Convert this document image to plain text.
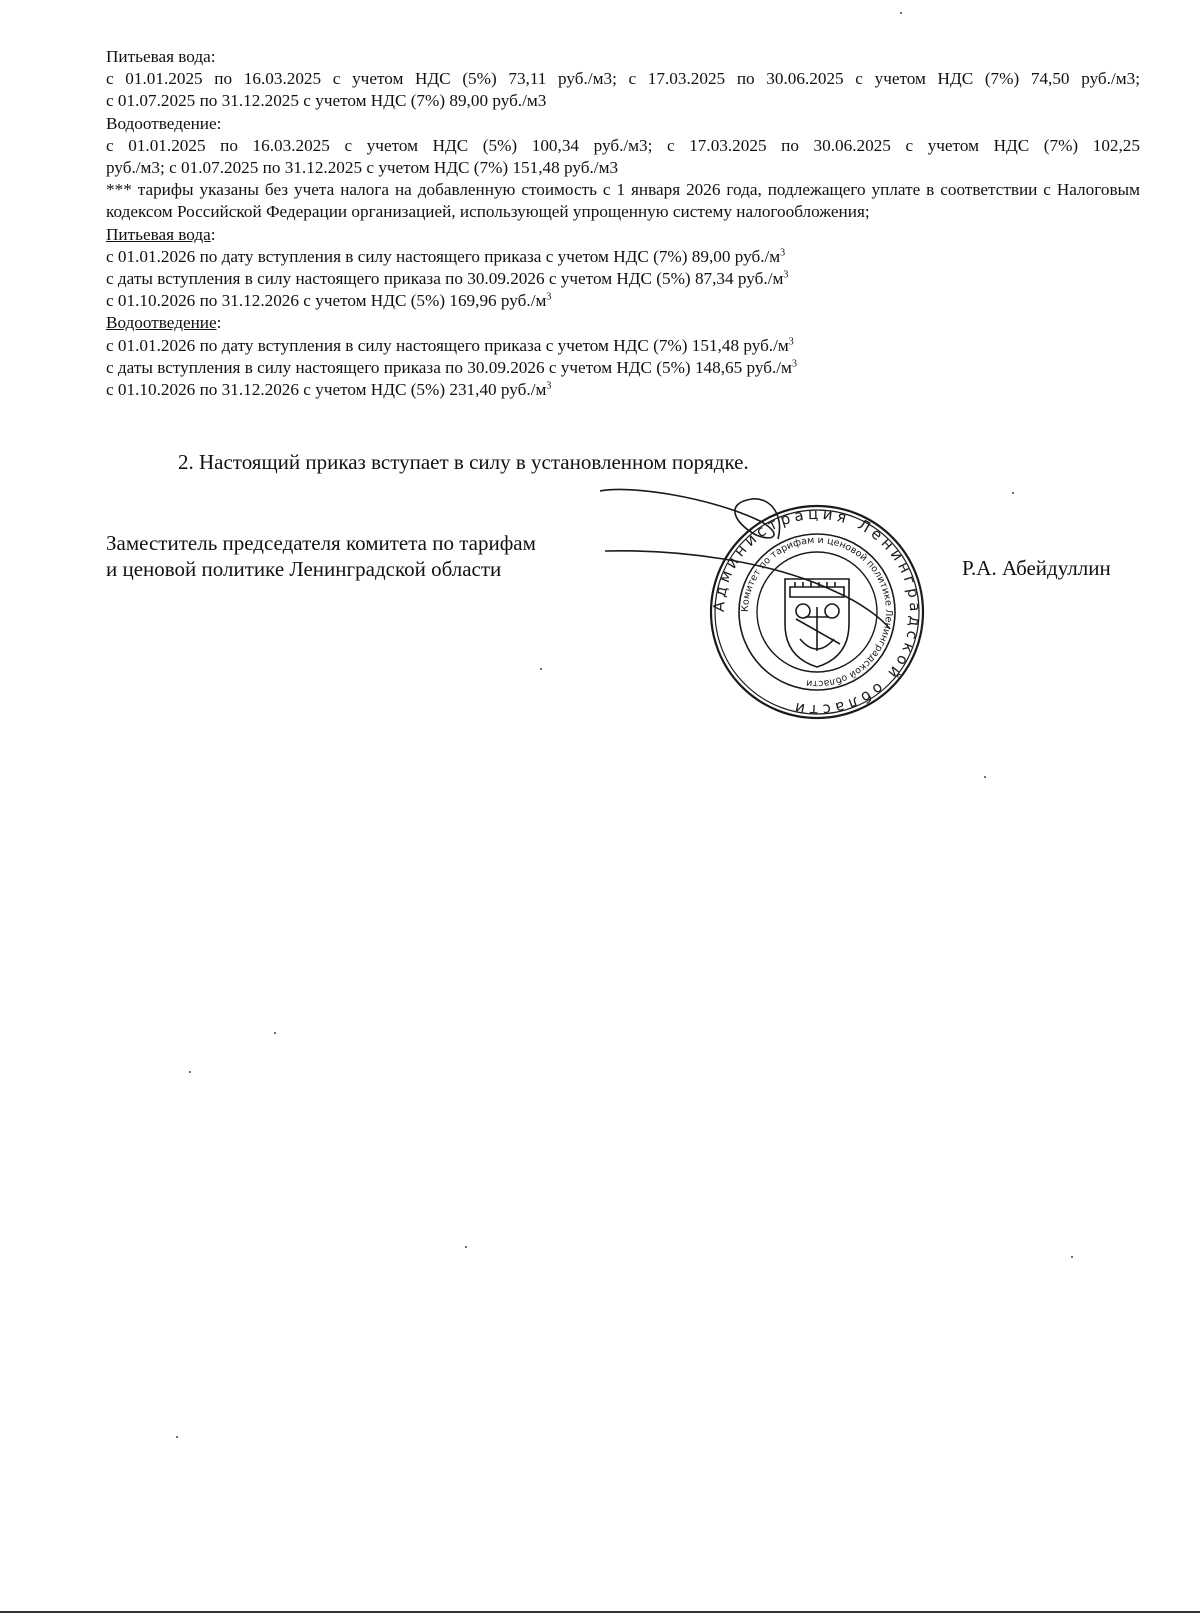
Питьевая вода:
с 01.01.2025 по 16.03.2025 с учетом НДС (5%) 73,11 руб./м3; с 17.03.2025 по 30.06.2025 с учетом НДС (7%) 74,50 руб./м3;
с 01.07.2025 по 31.12.2025 с учетом НДС (7%) 89,00 руб./м3
Водоотведение:
с 01.01.2025 по 16.03.2025 с учетом НДС (5%) 100,34 руб./м3; с 17.03.2025 по 30.06.2025 с учетом НДС (7%) 102,25
руб./м3; с 01.07.2025 по 31.12.2025 с учетом НДС (7%) 151,48 руб./м3
*** тарифы указаны без учета налога на добавленную стоимость с 1 января 2026 года, подлежащего уплате в соответствии с Налоговым кодексом Российской Федерации организацией, использующей упрощенную систему налогообложения;
Питьевая вода:
с 01.01.2026 по дату вступления в силу настоящего приказа с учетом НДС (7%) 89,00 $руб./м^3$
с даты вступления в силу настоящего приказа по 30.09.2026 с учетом НДС (5%) 87,34 $руб./м^3$
с 01.10.2026 по 31.12.2026 с учетом НДС (5%) 169,96 $руб./м^3$
Водоотведение:
с 01.01.2026 по дату вступления в силу настоящего приказа с учетом НДС (7%) 151,48 $руб./м^3$
с даты вступления в силу настоящего приказа по 30.09.2026 с учетом НДС (5%) 148,65 $руб./м^3$
с 01.10.2026 по 31.12.2026 с учетом НДС (5%) 231,40 $руб./м^3$
2. Настоящий приказ вступает в силу в установленном порядке.
Заместитель председателя комитета по тарифам
и ценовой политике Ленинградской области	Р.А. Абейдуллин
Администрация Ленинградской области
Комитет по тарифам и ценовой политике Ленинградской области
